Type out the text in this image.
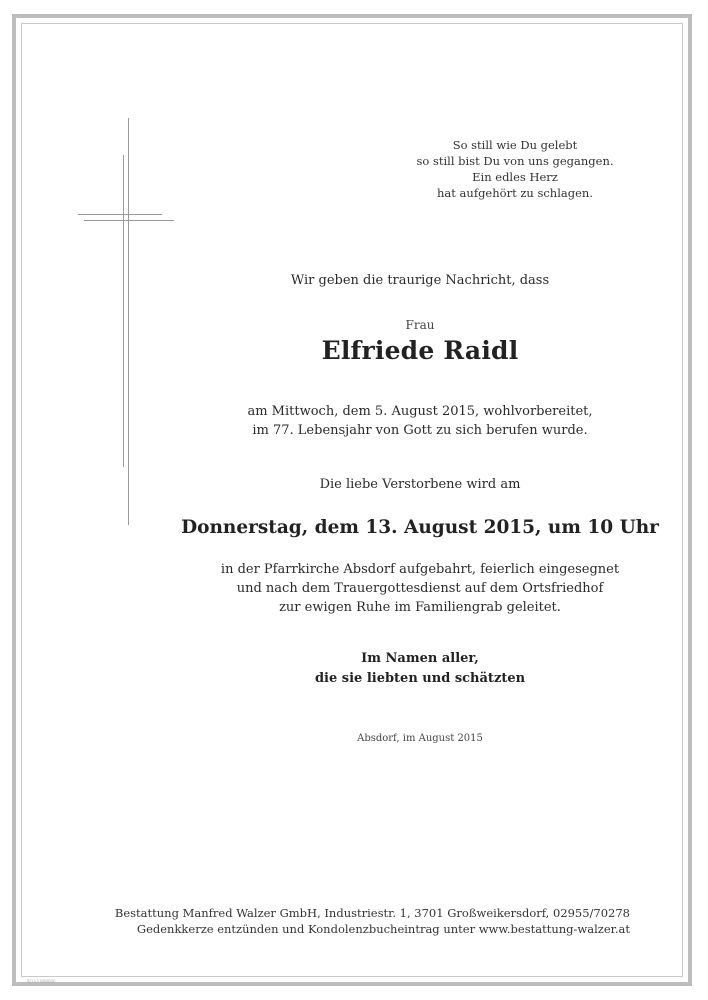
So still wie Du gelebt
so still bist Du von uns gegangen.
Ein edles Herz
hat aufgehört zu schlagen.
Wir geben die traurige Nachricht, dass
Frau
Elfriede Raidl
am Mittwoch, dem 5. August 2015, wohlvorbereitet,
im 77. Lebensjahr von Gott zu sich berufen wurde.
Die liebe Verstorbene wird am
Donnerstag, dem 13. August 2015, um 10 Uhr
in der Pfarrkirche Absdorf aufgebahrt, feierlich eingesegnet
und nach dem Trauergottesdienst auf dem Ortsfriedhof
zur ewigen Ruhe im Familiengrab geleitet.
Im Namen aller,
die sie liebten und schätzten
Absdorf, im August 2015
Bestattung Manfred Walzer GmbH, Industriestr. 1, 3701 Großweikersdorf, 02955/70278
Gedenkkerze entzünden und Kondolenzbucheintrag unter www.bestattung-walzer.at
8/1|-3 WW000
